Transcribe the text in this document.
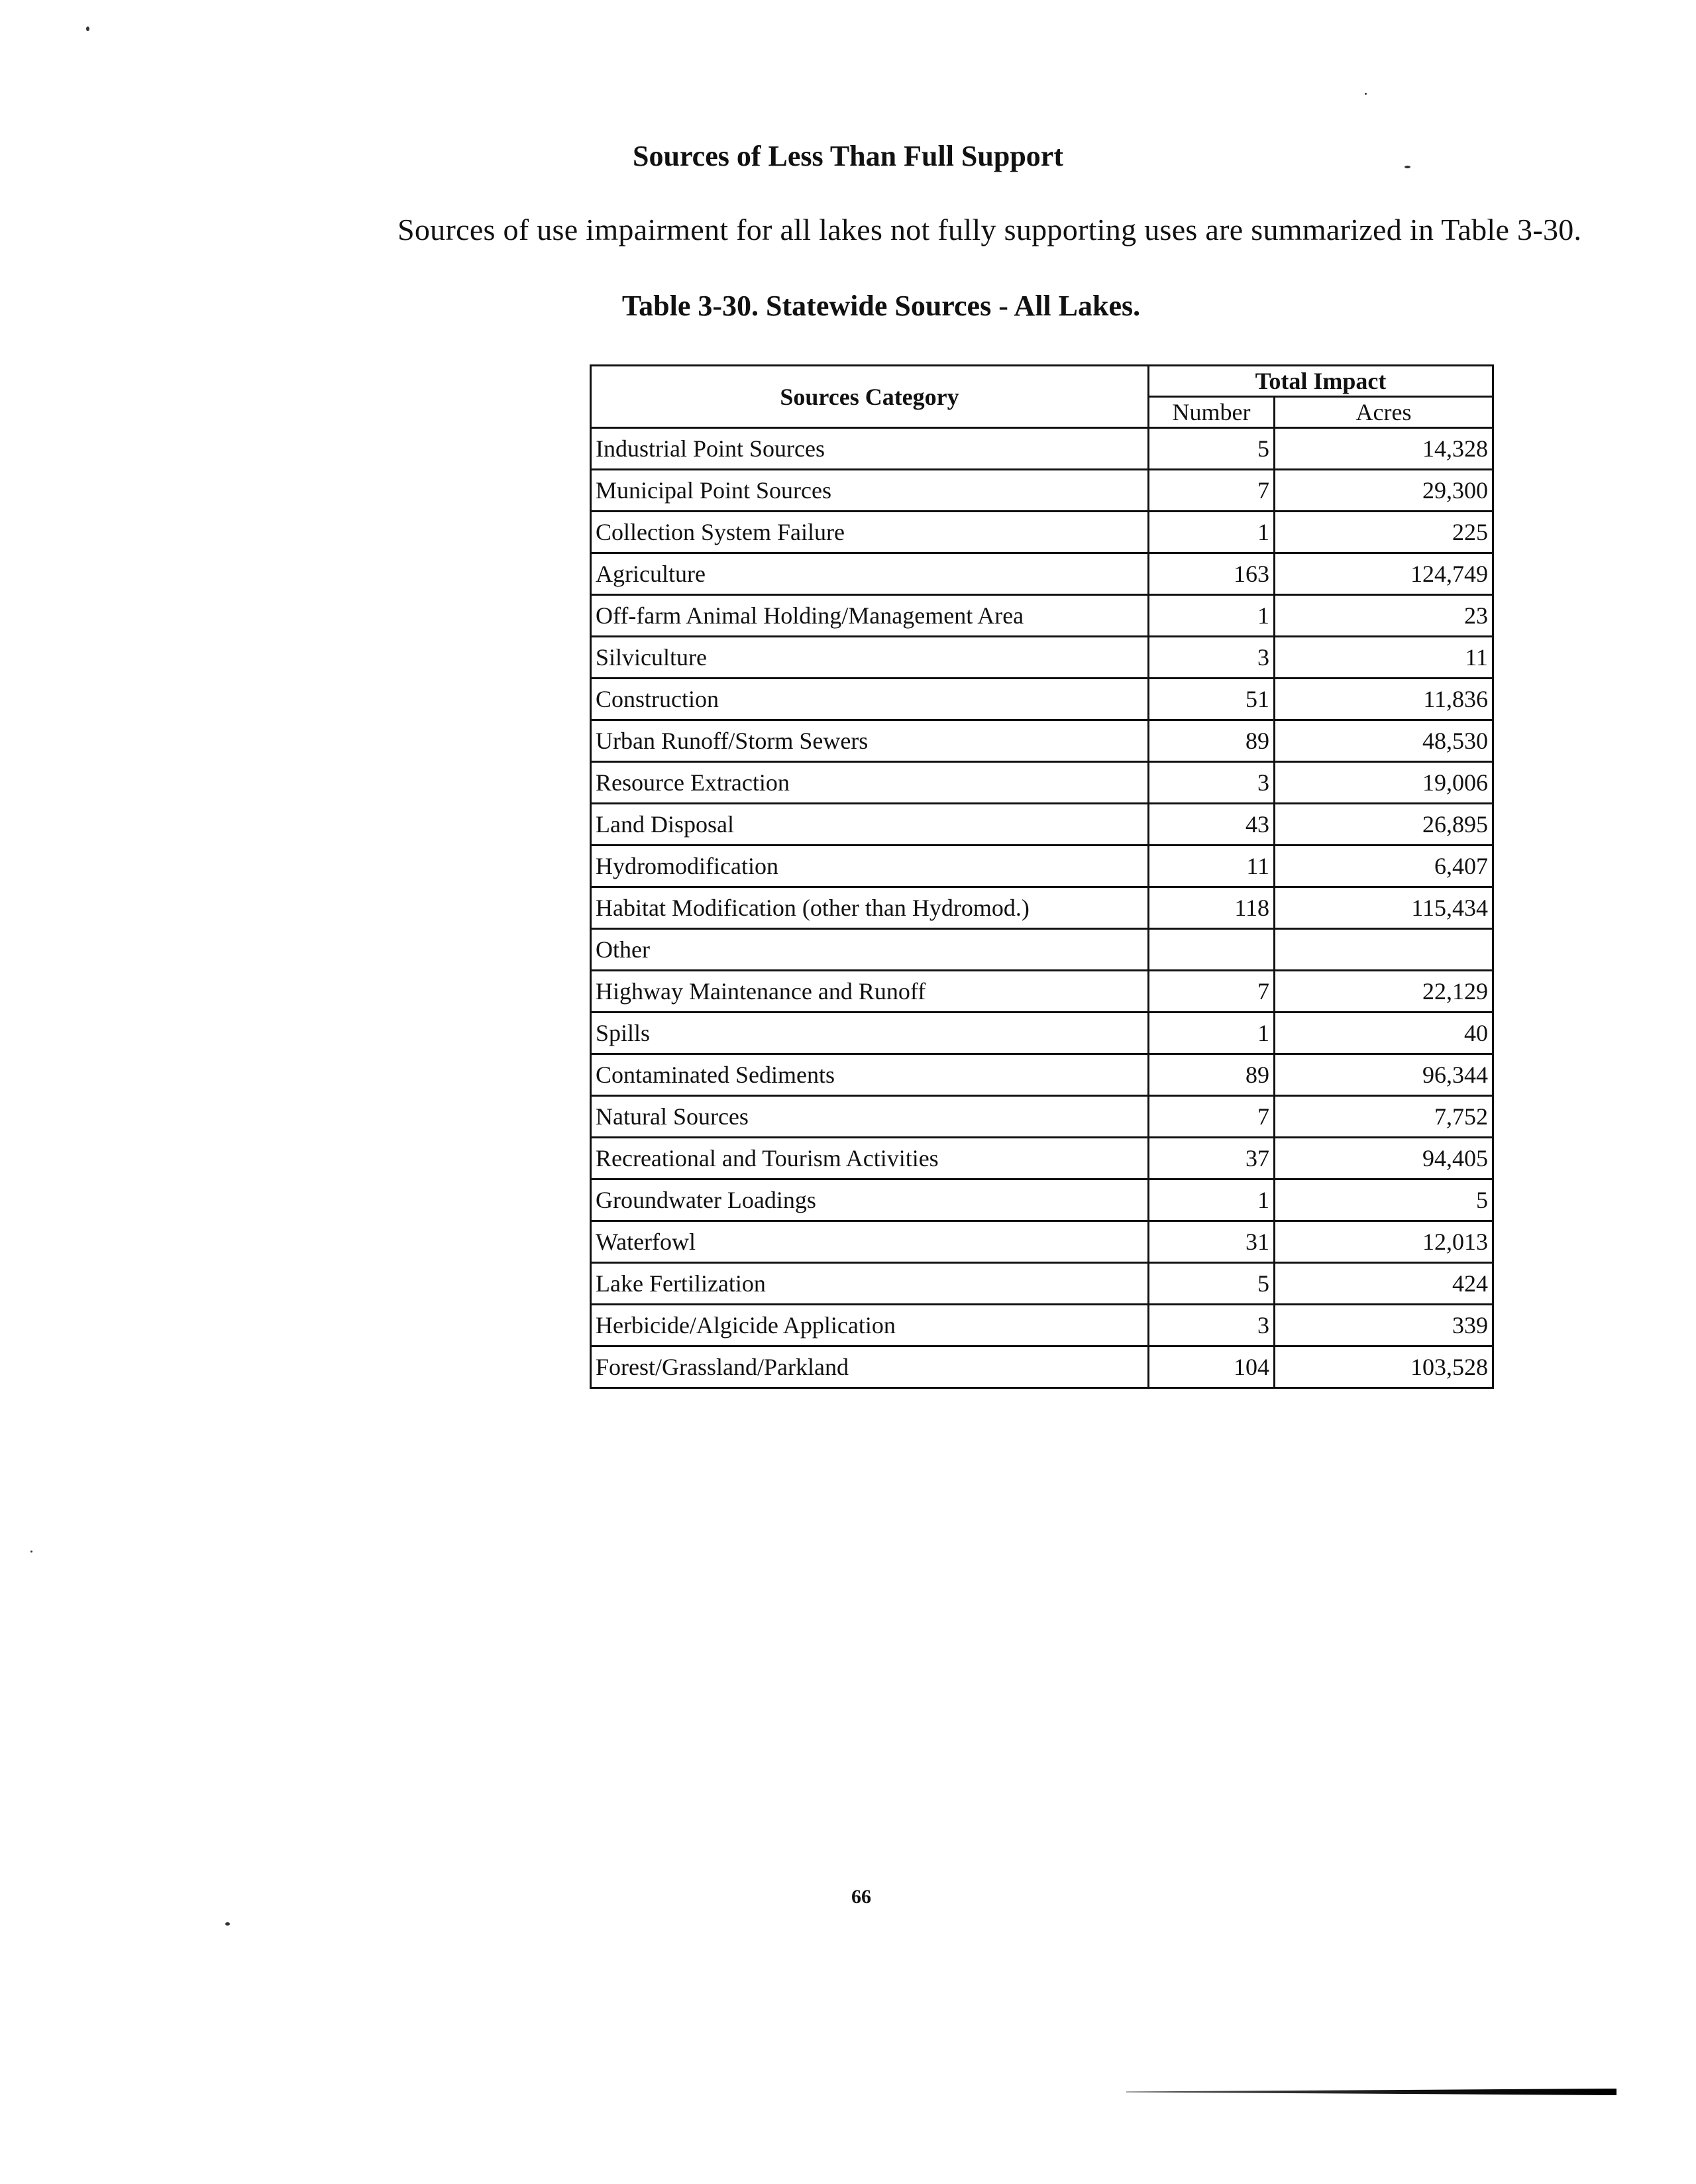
Sources of Less Than Full Support
Sources of use impairment for all lakes not fully supporting uses are summarized in Table 3-30.
Table 3-30. Statewide Sources - All Lakes.
Sources Category	Total Impact	
	Number	Acres
Industrial Point Sources	5	14,328
Municipal Point Sources	7	29,300
Collection System Failure	1	225
Agriculture	163	124,749
Off-farm Animal Holding/Management Area	1	23
Silviculture	3	11
Construction	51	11,836
Urban Runoff/Storm Sewers	89	48,530
Resource Extraction	3	19,006
Land Disposal	43	26,895
Hydromodification	11	6,407
Habitat Modification (other than Hydromod.)	118	115,434
Other		
Highway Maintenance and Runoff	7	22,129
Spills	1	40
Contaminated Sediments	89	96,344
Natural Sources	7	7,752
Recreational and Tourism Activities	37	94,405
Groundwater Loadings	1	5
Waterfowl	31	12,013
Lake Fertilization	5	424
Herbicide/Algicide Application	3	339
Forest/Grassland/Parkland	104	103,528
66
